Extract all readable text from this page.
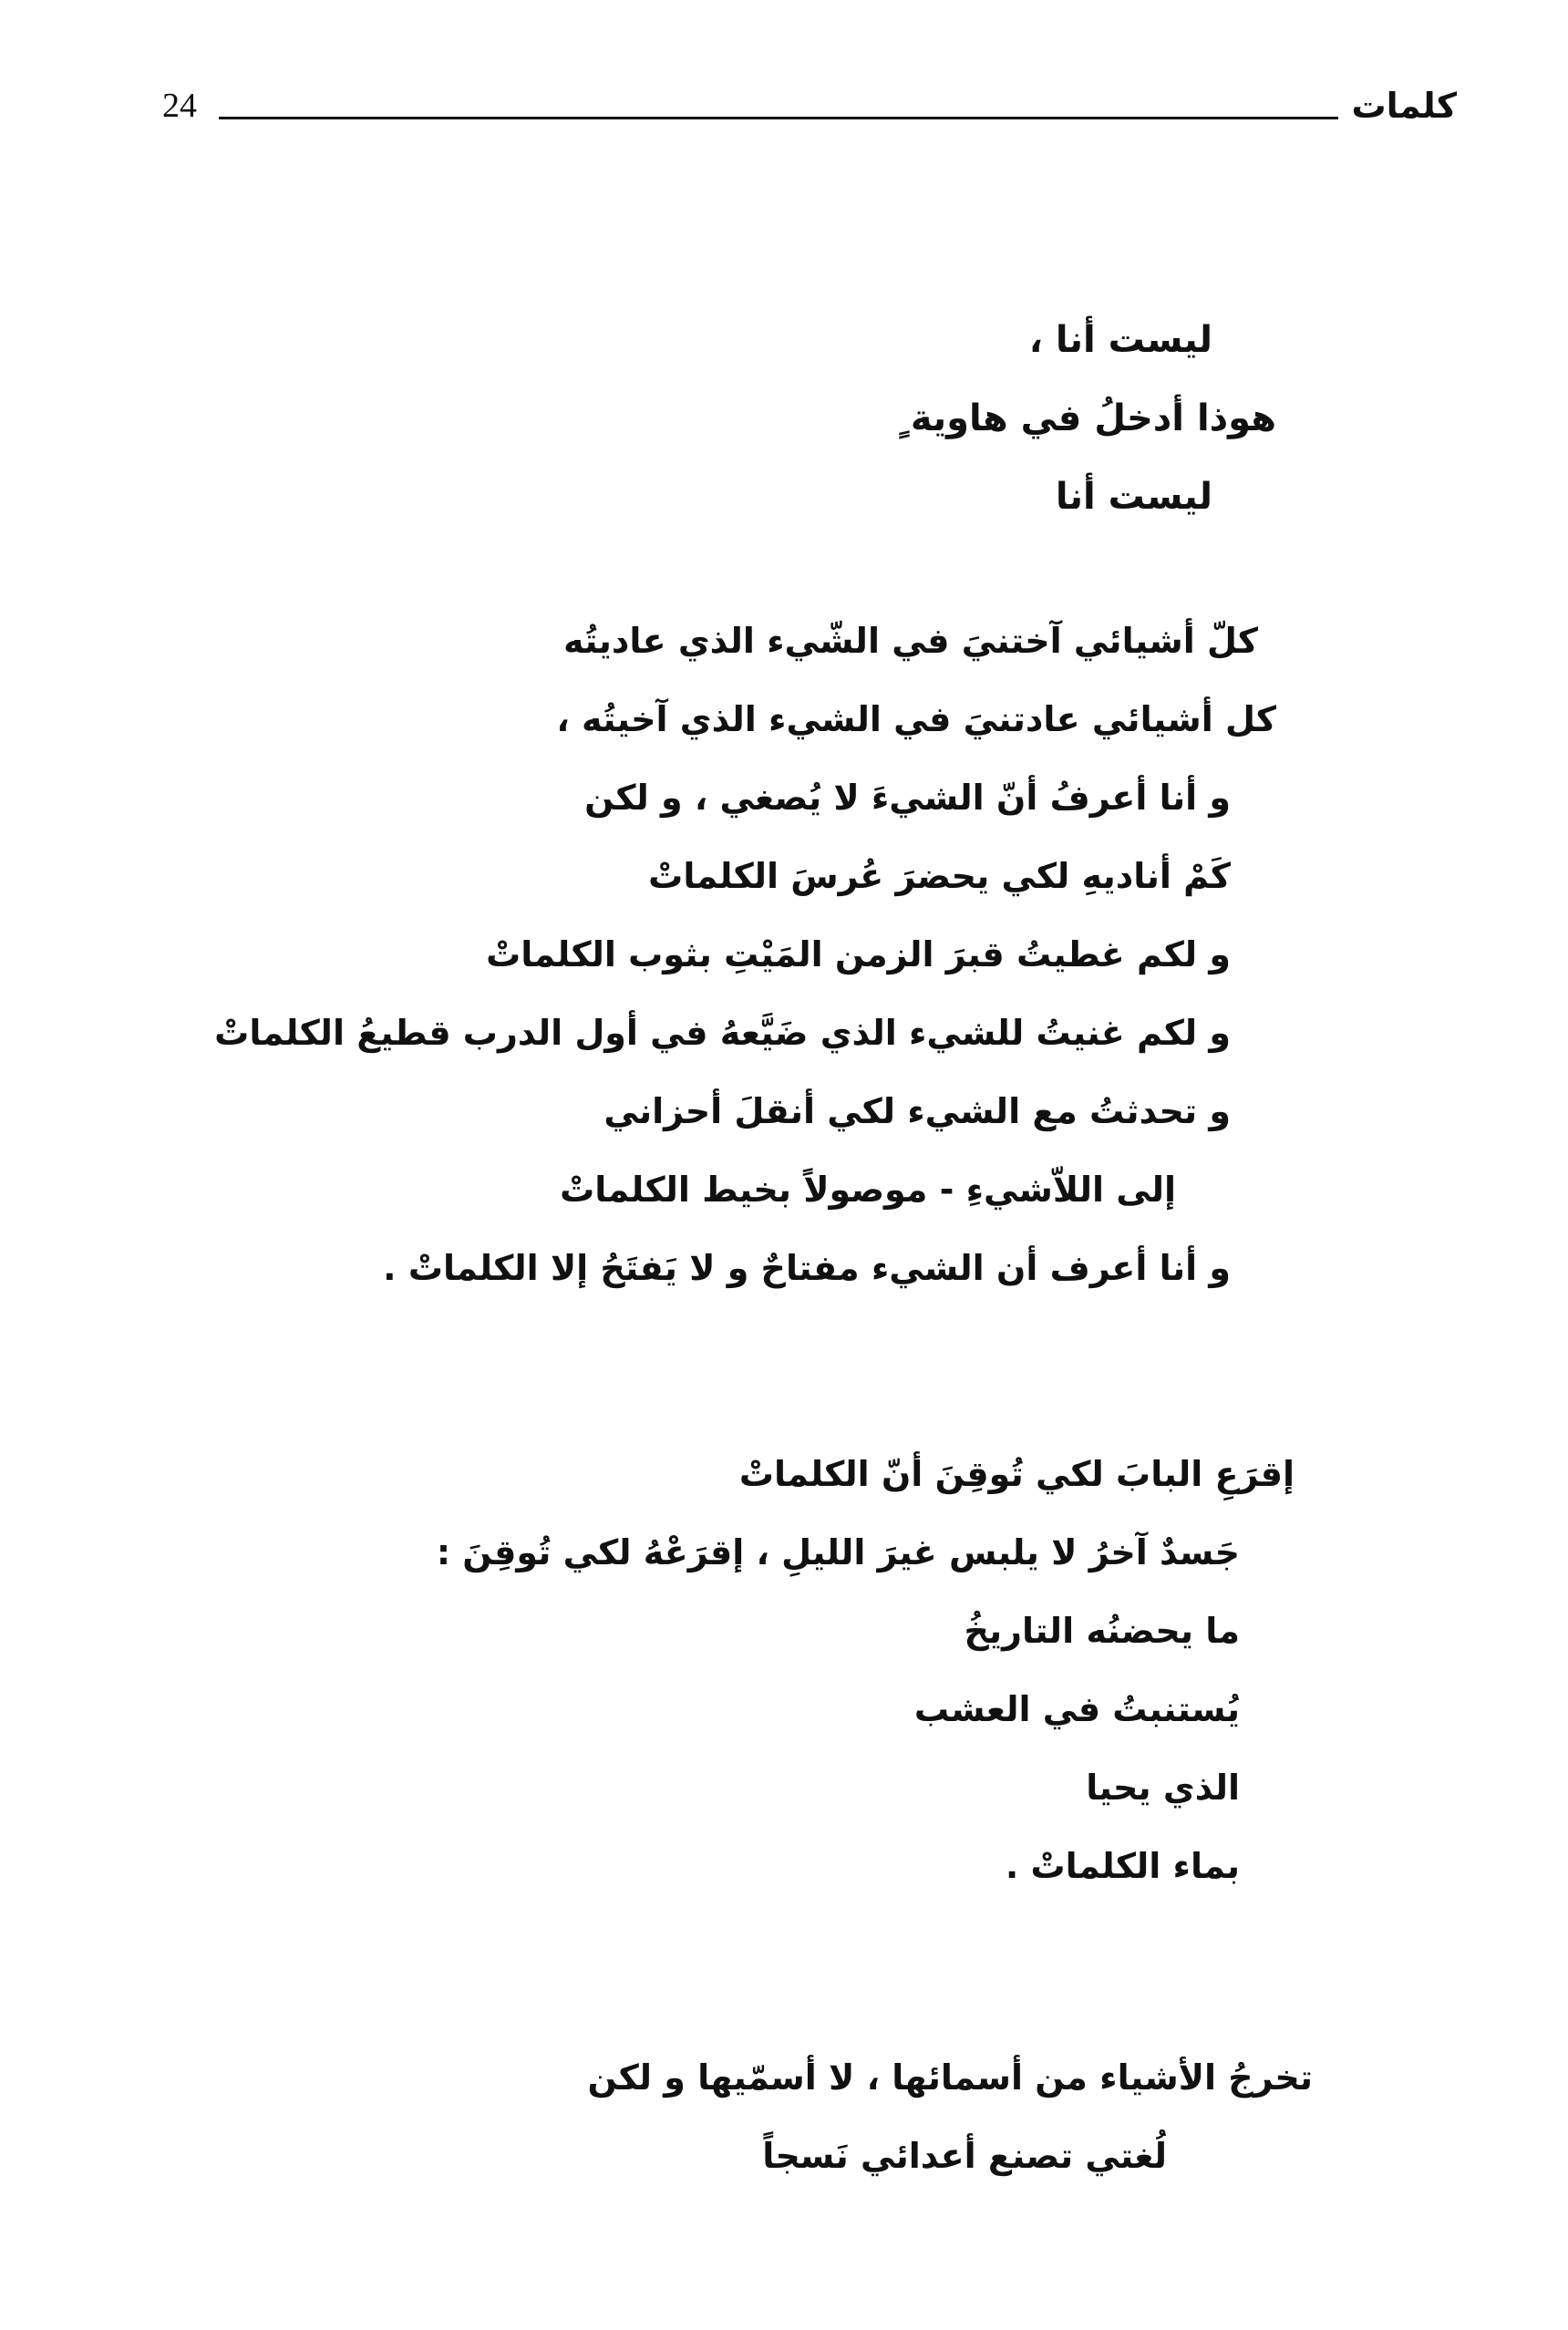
24	كلمات
ليست أنا ،
هوذا أدخلُ في هاوية ٍ
ليست أنا
كلّ أشيائي آختنيَ في الشّيء الذي عاديتُه
كل أشيائي عادتنيَ في الشيء الذي آخيتُه ،
و أنا أعرفُ أنّ الشيءَ لا يُصغي ، و لكن
كَمْ أناديهِ لكي يحضرَ عُرسَ الكلماتْ
و لكم غطيتُ قبرَ الزمن المَيْتِ بثوب الكلماتْ
و لكم غنيتُ للشيء الذي ضَيَّعهُ في أول الدرب قطيعُ الكلماتْ
و تحدثتُ مع الشيء لكي أنقلَ أحزاني
إلى اللاّشيءِ - موصولاً بخيط الكلماتْ
و أنا أعرف أن الشيء مفتاحٌ و لا يَفتَحُ إلا الكلماتْ .
إقرَعِ البابَ لكي تُوقِنَ أنّ الكلماتْ
جَسدٌ آخرُ لا يلبس غيرَ الليلِ ، إقرَعْهُ لكي تُوقِنَ :
ما يحضنُه التاريخُ
يُستنبتُ في العشب
الذي يحيا
بماء الكلماتْ .
تخرجُ الأشياء من أسمائها ، لا أسمّيها و لكن
لُغتي تصنع أعدائي نَسجاً
